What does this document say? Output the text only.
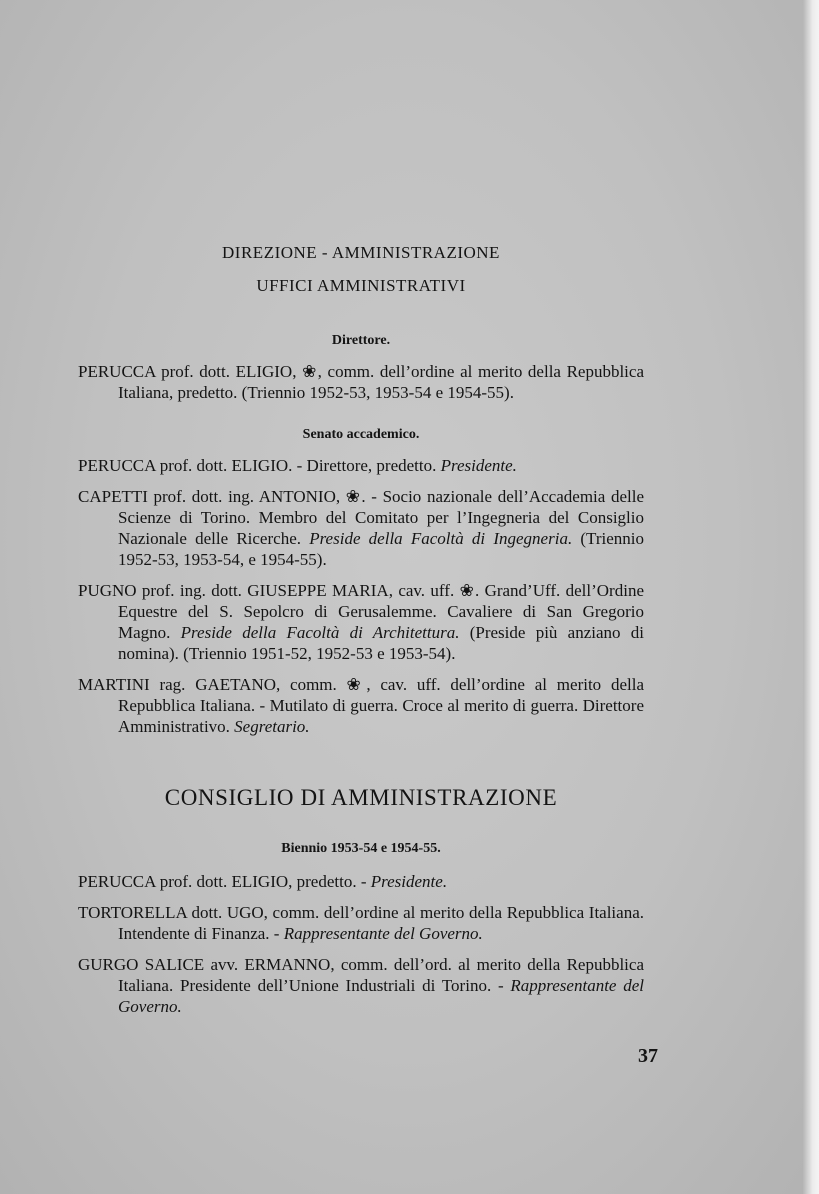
DIREZIONE - AMMINISTRAZIONE

UFFICI AMMINISTRATIVI

Direttore.

PERUCCA prof. dott. ELIGIO, ❀, comm. dell’ordine al merito della Repubblica Italiana, predetto. (Triennio 1952-53, 1953-54 e 1954-55).

Senato accademico.

PERUCCA prof. dott. ELIGIO. - Direttore, predetto. Presidente.

CAPETTI prof. dott. ing. ANTONIO, ❀. - Socio nazionale dell’Accademia delle Scienze di Torino. Membro del Comitato per l’Ingegneria del Consiglio Nazionale delle Ricerche. Preside della Facoltà di Ingegneria. (Triennio 1952-53, 1953-54, e 1954-55).

PUGNO prof. ing. dott. GIUSEPPE MARIA, cav. uff. ❀. Grand’Uff. dell’Ordine Equestre del S. Sepolcro di Gerusalemme. Cavaliere di San Gregorio Magno. Preside della Facoltà di Architettura. (Preside più anziano di nomina). (Triennio 1951-52, 1952-53 e 1953-54).

MARTINI rag. GAETANO, comm. ❀, cav. uff. dell’ordine al merito della Repubblica Italiana. - Mutilato di guerra. Croce al merito di guerra. Direttore Amministrativo. Segretario.

CONSIGLIO DI AMMINISTRAZIONE

Biennio 1953-54 e 1954-55.

PERUCCA prof. dott. ELIGIO, predetto. - Presidente.

TORTORELLA dott. UGO, comm. dell’ordine al merito della Repubblica Italiana. Intendente di Finanza. - Rappresentante del Governo.

GURGO SALICE avv. ERMANNO, comm. dell’ord. al merito della Repubblica Italiana. Presidente dell’Unione Industriali di Torino. - Rappresentante del Governo.

37
